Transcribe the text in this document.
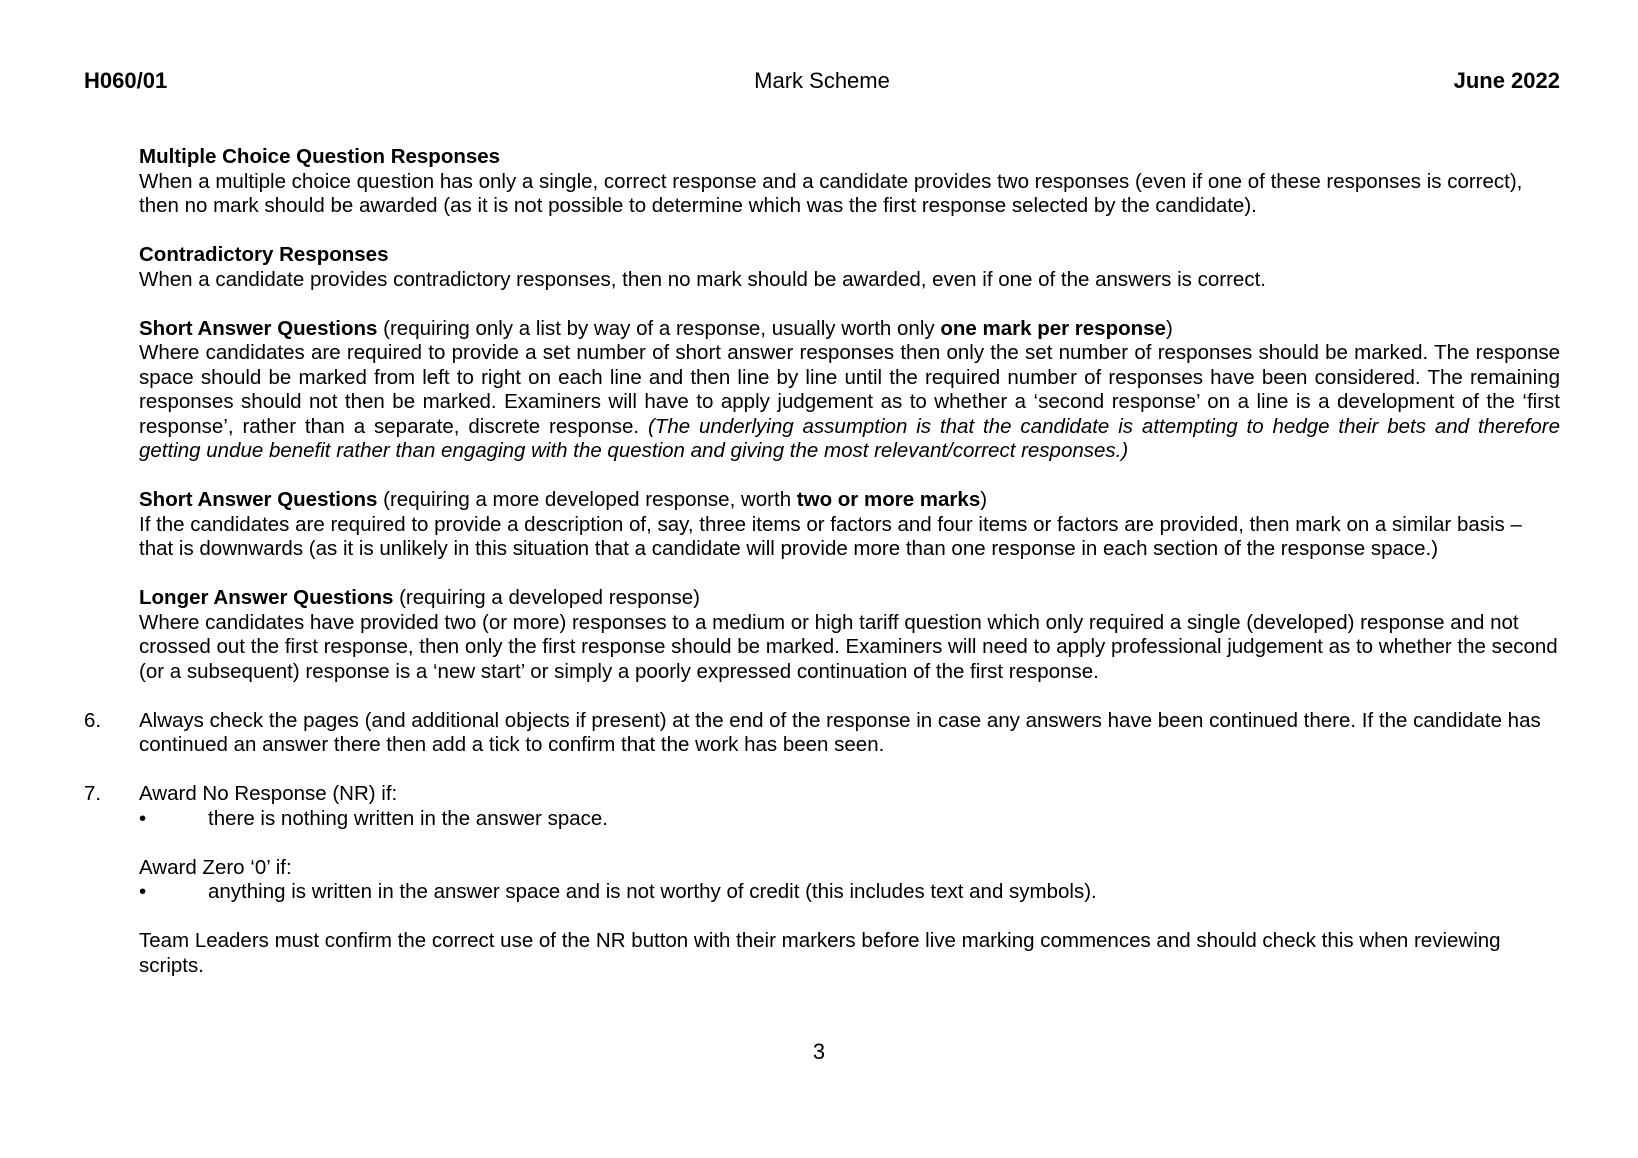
H060/01	Mark Scheme	June 2022

Multiple Choice Question Responses

When a multiple choice question has only a single, correct response and a candidate provides two responses (even if one of these responses is correct), then no mark should be awarded (as it is not possible to determine which was the first response selected by the candidate).

Contradictory Responses

When a candidate provides contradictory responses, then no mark should be awarded, even if one of the answers is correct.

Short Answer Questions (requiring only a list by way of a response, usually worth only one mark per response)

Where candidates are required to provide a set number of short answer responses then only the set number of responses should be marked. The response space should be marked from left to right on each line and then line by line until the required number of responses have been considered. The remaining responses should not then be marked. Examiners will have to apply judgement as to whether a ‘second response’ on a line is a development of the ‘first response’, rather than a separate, discrete response. (The underlying assumption is that the candidate is attempting to hedge their bets and therefore getting undue benefit rather than engaging with the question and giving the most relevant/correct responses.)

Short Answer Questions (requiring a more developed response, worth two or more marks)

If the candidates are required to provide a description of, say, three items or factors and four items or factors are provided, then mark on a similar basis – that is downwards (as it is unlikely in this situation that a candidate will provide more than one response in each section of the response space.)

Longer Answer Questions (requiring a developed response)

Where candidates have provided two (or more) responses to a medium or high tariff question which only required a single (developed) response and not crossed out the first response, then only the first response should be marked. Examiners will need to apply professional judgement as to whether the second (or a subsequent) response is a ‘new start’ or simply a poorly expressed continuation of the first response.

6. Always check the pages (and additional objects if present) at the end of the response in case any answers have been continued there. If the candidate has continued an answer there then add a tick to confirm that the work has been seen.

7. Award No Response (NR) if:

•	there is nothing written in the answer space.

Award Zero ‘0’ if:

•	anything is written in the answer space and is not worthy of credit (this includes text and symbols).

Team Leaders must confirm the correct use of the NR button with their markers before live marking commences and should check this when reviewing scripts.

3
